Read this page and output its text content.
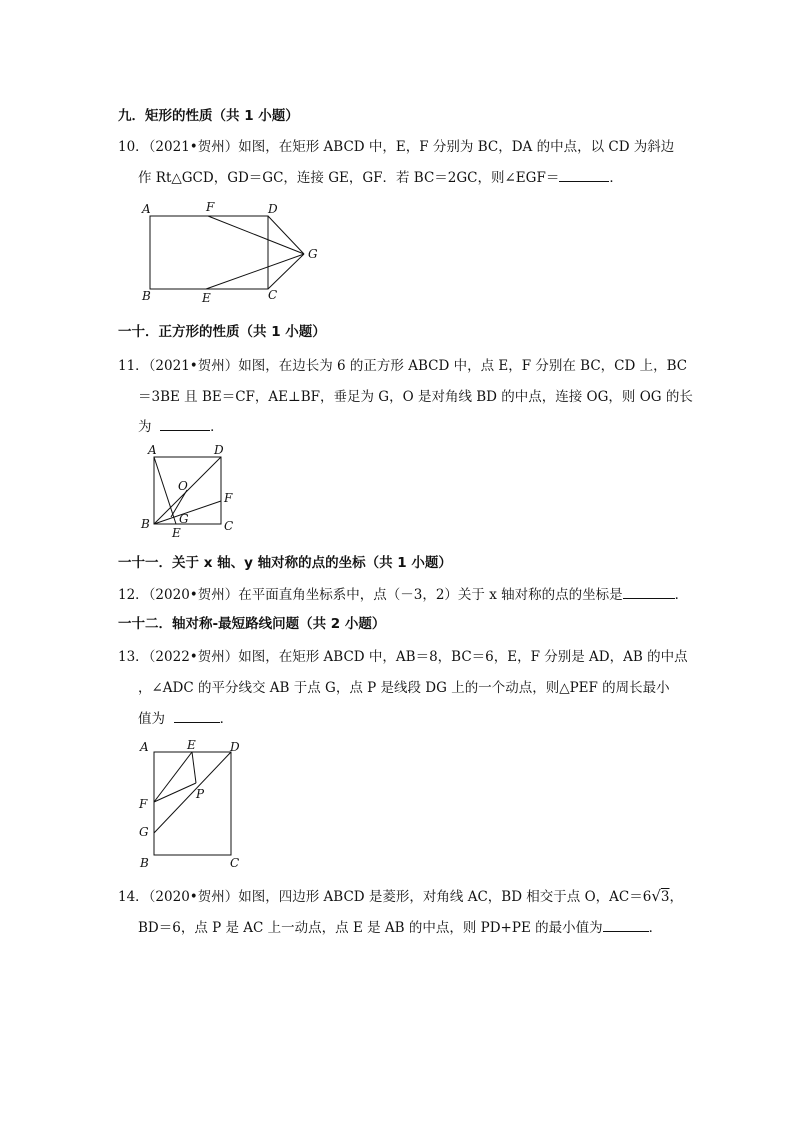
九．矩形的性质（共 1 小题）
10．（2021•贺州）如图，在矩形 ABCD 中，E，F 分别为 BC，DA 的中点，以 CD 为斜边
作 Rt△GCD，GD＝GC，连接 GE，GF．若 BC＝2GC，则∠EGF＝	．
A	F	D
G
B	E	C
一十．正方形的性质（共 1 小题）
11．（2021•贺州）如图，在边长为 6 的正方形 ABCD 中，点 E，F 分别在 BC，CD 上，BC
＝3BE 且 BE＝CF，AE⊥BF，垂足为 G，O 是对角线 BD 的中点，连接 OG，则 OG 的长
为	．
A	D
O
F
B G	C
E
一十一．关于 x 轴、y 轴对称的点的坐标（共 1 小题）
12．（2020•贺州）在平面直角坐标系中，点（－3，2）关于 x 轴对称的点的坐标是	．
一十二．轴对称-最短路线问题（共 2 小题）
13．（2022•贺州）如图，在矩形 ABCD 中，AB＝8，BC＝6，E，F 分别是 AD，AB 的中点
，∠ADC 的平分线交 AB 于点 G，点 P 是线段 DG 上的一个动点，则△PEF 的周长最小
值为	．
A	E	D
P
F
G
B	C
14．（2020•贺州）如图，四边形 ABCD 是菱形，对角线 AC，BD 相交于点 O，AC＝6√3，
BD＝6，点 P 是 AC 上一动点，点 E 是 AB 的中点，则 PD+PE 的最小值为	．
